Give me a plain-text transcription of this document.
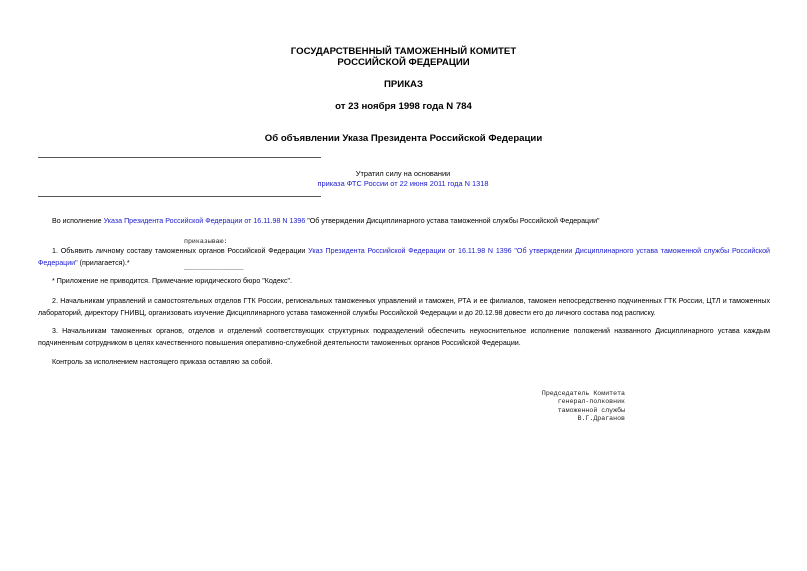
ГОСУДАРСТВЕННЫЙ ТАМОЖЕННЫЙ КОМИТЕТ
РОССИЙСКОЙ ФЕДЕРАЦИИ
ПРИКАЗ
от 23 ноября 1998 года N 784
Об объявлении Указа Президента Российской Федерации
Утратил силу на основании
приказа ФТС России от 22 июня 2011 года N 1318
Во исполнение Указа Президента Российской Федерации от 16.11.98 N 1396 "Об утверждении Дисциплинарного устава таможенной службы Российской Федерации"
приказываю:
1. Объявить личному составу таможенных органов Российской Федерации Указ Президента Российской Федерации от 16.11.98 N 1396 "Об утверждении Дисциплинарного устава таможенной службы Российской Федерации" (прилагается).*
_______________
* Приложение не приводится. Примечание юридического бюро "Кодекс".
2. Начальникам управлений и самостоятельных отделов ГТК России, региональных таможенных управлений и таможен, РТА и ее филиалов, таможен непосредственно подчиненных ГТК России, ЦТЛ и таможенных лабораторий, директору ГНИВЦ, организовать изучение Дисциплинарного устава таможенной службы Российской Федерации и до 20.12.98 довести его до личного состава под расписку.
3. Начальникам таможенных органов, отделов и отделений соответствующих структурных подразделений обеспечить неукоснительное исполнение положений названного Дисциплинарного устава каждым подчиненным сотрудником в целях качественного повышения оперативно-служебной деятельности таможенных органов Российской Федерации.
Контроль за исполнением настоящего приказа оставляю за собой.
Председатель Комитета
генерал-полковник
таможенной службы
В.Г.Драганов
